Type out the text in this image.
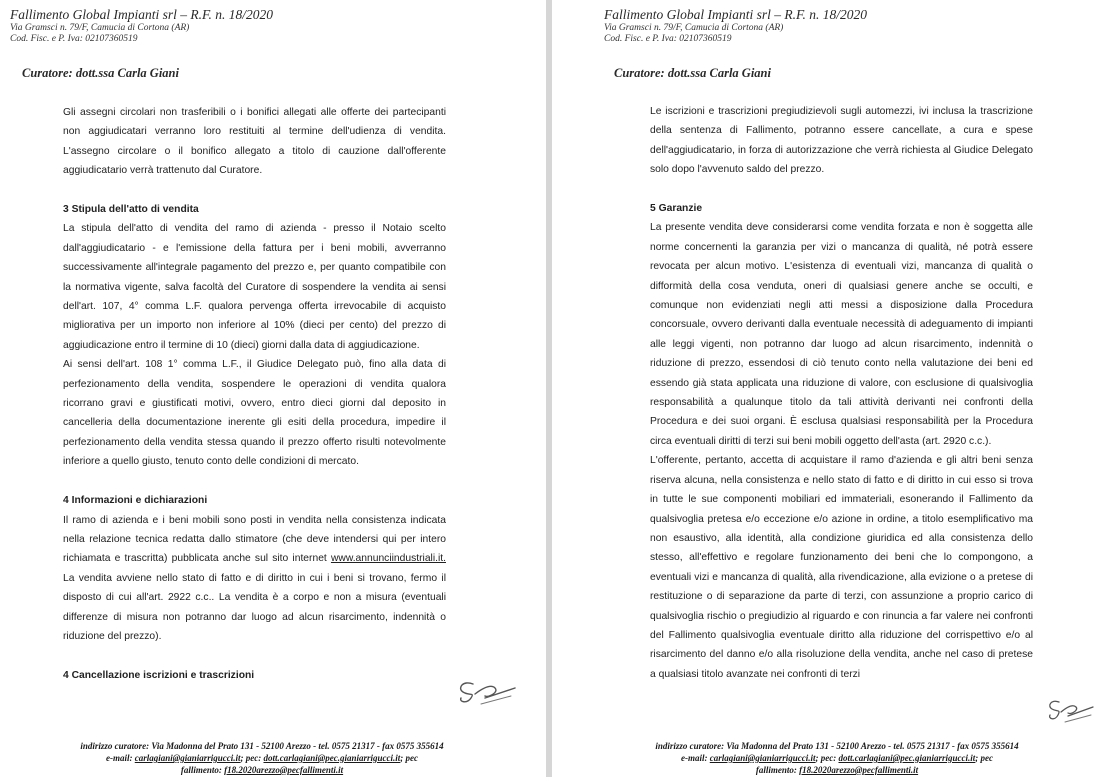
Fallimento Global Impianti srl – R.F. n. 18/2020
Via Gramsci n. 79/F, Camucia di Cortona (AR)
Cod. Fisc. e P. Iva: 02107360519
Curatore: dott.ssa Carla Giani

Gli assegni circolari non trasferibili o i bonifici allegati alle offerte dei partecipanti non aggiudicatari verranno loro restituiti al termine dell'udienza di vendita. L'assegno circolare o il bonifico allegato a titolo di cauzione dall'offerente aggiudicatario verrà trattenuto dal Curatore.

3 Stipula dell'atto di vendita

La stipula dell'atto di vendita del ramo di azienda - presso il Notaio scelto dall'aggiudicatario - e l'emissione della fattura per i beni mobili, avverranno successivamente all'integrale pagamento del prezzo e, per quanto compatibile con la normativa vigente, salva facoltà del Curatore di sospendere la vendita ai sensi dell'art. 107, 4° comma L.F. qualora pervenga offerta irrevocabile di acquisto migliorativa per un importo non inferiore al 10% (dieci per cento) del prezzo di aggiudicazione entro il termine di 10 (dieci) giorni dalla data di aggiudicazione.

Ai sensi dell'art. 108 1° comma L.F., il Giudice Delegato può, fino alla data di perfezionamento della vendita, sospendere le operazioni di vendita qualora ricorrano gravi e giustificati motivi, ovvero, entro dieci giorni dal deposito in cancelleria della documentazione inerente gli esiti della procedura, impedire il perfezionamento della vendita stessa quando il prezzo offerto risulti notevolmente inferiore a quello giusto, tenuto conto delle condizioni di mercato.

4 Informazioni e dichiarazioni

Il ramo di azienda e i beni mobili sono posti in vendita nella consistenza indicata nella relazione tecnica redatta dallo stimatore (che deve intendersi qui per intero richiamata e trascritta) pubblicata anche sul sito internet www.annunciindustriali.it. La vendita avviene nello stato di fatto e di diritto in cui i beni si trovano, fermo il disposto di cui all'art. 2922 c.c.. La vendita è a corpo e non a misura (eventuali differenze di misura non potranno dar luogo ad alcun risarcimento, indennità o riduzione del prezzo).

4 Cancellazione iscrizioni e trascrizioni
indirizzo curatore: Via Madonna del Prato 131 - 52100 Arezzo - tel. 0575 21317 - fax 0575 355614
e-mail: carlagiani@gianiarrigucci.it; pec: dott.carlagiani@pec.gianiarrigucci.it; pec
fallimento: f18.2020arezzo@pecfallimenti.it
Fallimento Global Impianti srl – R.F. n. 18/2020
Via Gramsci n. 79/F, Camucia di Cortona (AR)
Cod. Fisc. e P. Iva: 02107360519
Curatore: dott.ssa Carla Giani

Le iscrizioni e trascrizioni pregiudizievoli sugli automezzi, ivi inclusa la trascrizione della sentenza di Fallimento, potranno essere cancellate, a cura e spese dell'aggiudicatario, in forza di autorizzazione che verrà richiesta al Giudice Delegato solo dopo l'avvenuto saldo del prezzo.

5 Garanzie

La presente vendita deve considerarsi come vendita forzata e non è soggetta alle norme concernenti la garanzia per vizi o mancanza di qualità, né potrà essere revocata per alcun motivo. L'esistenza di eventuali vizi, mancanza di qualità o difformità della cosa venduta, oneri di qualsiasi genere anche se occulti, e comunque non evidenziati negli atti messi a disposizione dalla Procedura concorsuale, ovvero derivanti dalla eventuale necessità di adeguamento di impianti alle leggi vigenti, non potranno dar luogo ad alcun risarcimento, indennità o riduzione di prezzo, essendosi di ciò tenuto conto nella valutazione dei beni ed essendo già stata applicata una riduzione di valore, con esclusione di qualsivoglia responsabilità a qualunque titolo da tali attività derivanti nei confronti della Procedura e dei suoi organi. È esclusa qualsiasi responsabilità per la Procedura circa eventuali diritti di terzi sui beni mobili oggetto dell'asta (art. 2920 c.c.).

L'offerente, pertanto, accetta di acquistare il ramo d'azienda e gli altri beni senza riserva alcuna, nella consistenza e nello stato di fatto e di diritto in cui esso si trova in tutte le sue componenti mobiliari ed immateriali, esonerando il Fallimento da qualsivoglia pretesa e/o eccezione e/o azione in ordine, a titolo esemplificativo ma non esaustivo, alla identità, alla condizione giuridica ed alla consistenza dello stesso, all'effettivo e regolare funzionamento dei beni che lo compongono, a eventuali vizi e mancanza di qualità, alla rivendicazione, alla evizione o a pretese di restituzione o di separazione da parte di terzi, con assunzione a proprio carico di qualsivoglia rischio o pregiudizio al riguardo e con rinuncia a far valere nei confronti del Fallimento qualsivoglia eventuale diritto alla riduzione del corrispettivo e/o al risarcimento del danno e/o alla risoluzione della vendita, anche nel caso di pretese a qualsiasi titolo avanzate nei confronti di terzi

indirizzo curatore: Via Madonna del Prato 131 - 52100 Arezzo - tel. 0575 21317 - fax 0575 355614
e-mail: carlagiani@gianiarrigucci.it; pec: dott.carlagiani@pec.gianiarrigucci.it; pec
fallimento: f18.2020arezzo@pecfallimenti.it
